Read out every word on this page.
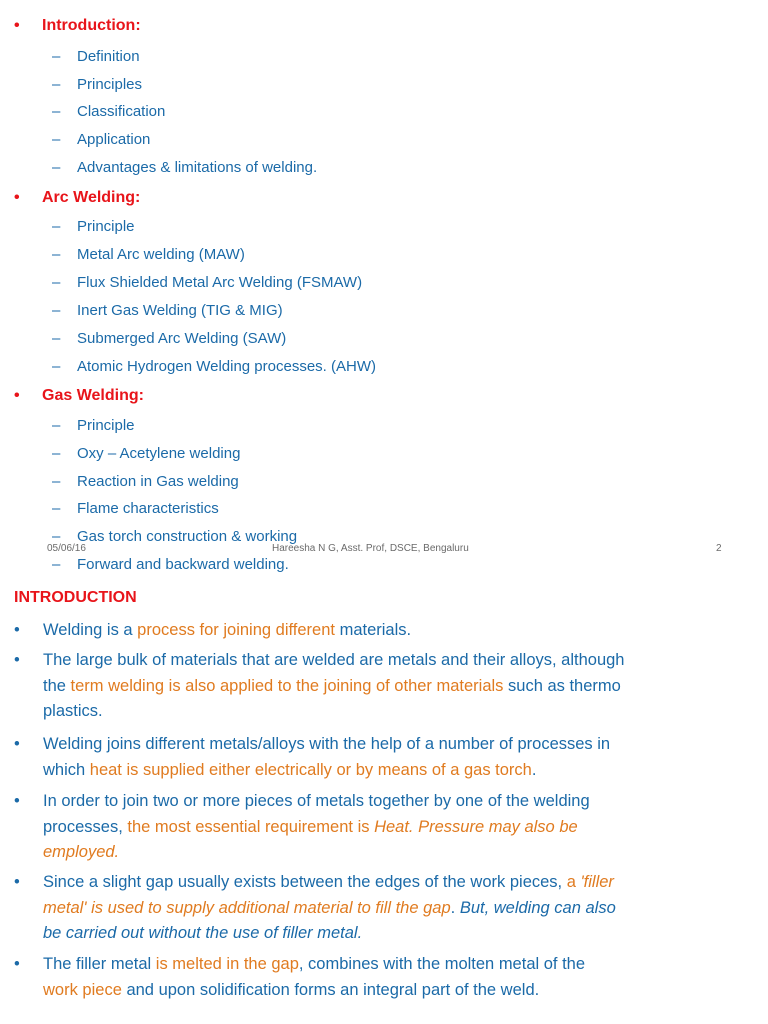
• Introduction:
– Definition
– Principles
– Classification
– Application
– Advantages & limitations of welding.
• Arc Welding:
– Principle
– Metal Arc welding (MAW)
– Flux Shielded Metal Arc Welding (FSMAW)
– Inert Gas Welding (TIG & MIG)
– Submerged Arc Welding (SAW)
– Atomic Hydrogen Welding processes. (AHW)
• Gas Welding:
– Principle
– Oxy – Acetylene welding
– Reaction in Gas welding
– Flame characteristics
– Gas torch construction & working
– Forward and backward welding.
05/06/16	Hareesha N G, Asst. Prof, DSCE, Bengaluru	2
INTRODUCTION
•	Welding is a process for joining different materials.
•	The large bulk of materials that are welded are metals and their alloys, although
the term welding is also applied to the joining of other materials such as thermo
plastics.
•	Welding joins different metals/alloys with the help of a number of processes in
which heat is supplied either electrically or by means of a gas torch.
•	In order to join two or more pieces of metals together by one of the welding
processes, the most essential requirement is Heat. Pressure may also be
employed.
•	Since a slight gap usually exists between the edges of the work pieces, a 'filler
metal' is used to supply additional material to fill the gap. But, welding can also
be carried out without the use of filler metal.
•	The filler metal is melted in the gap, combines with the molten metal of the
work piece and upon solidification forms an integral part of the weld.
